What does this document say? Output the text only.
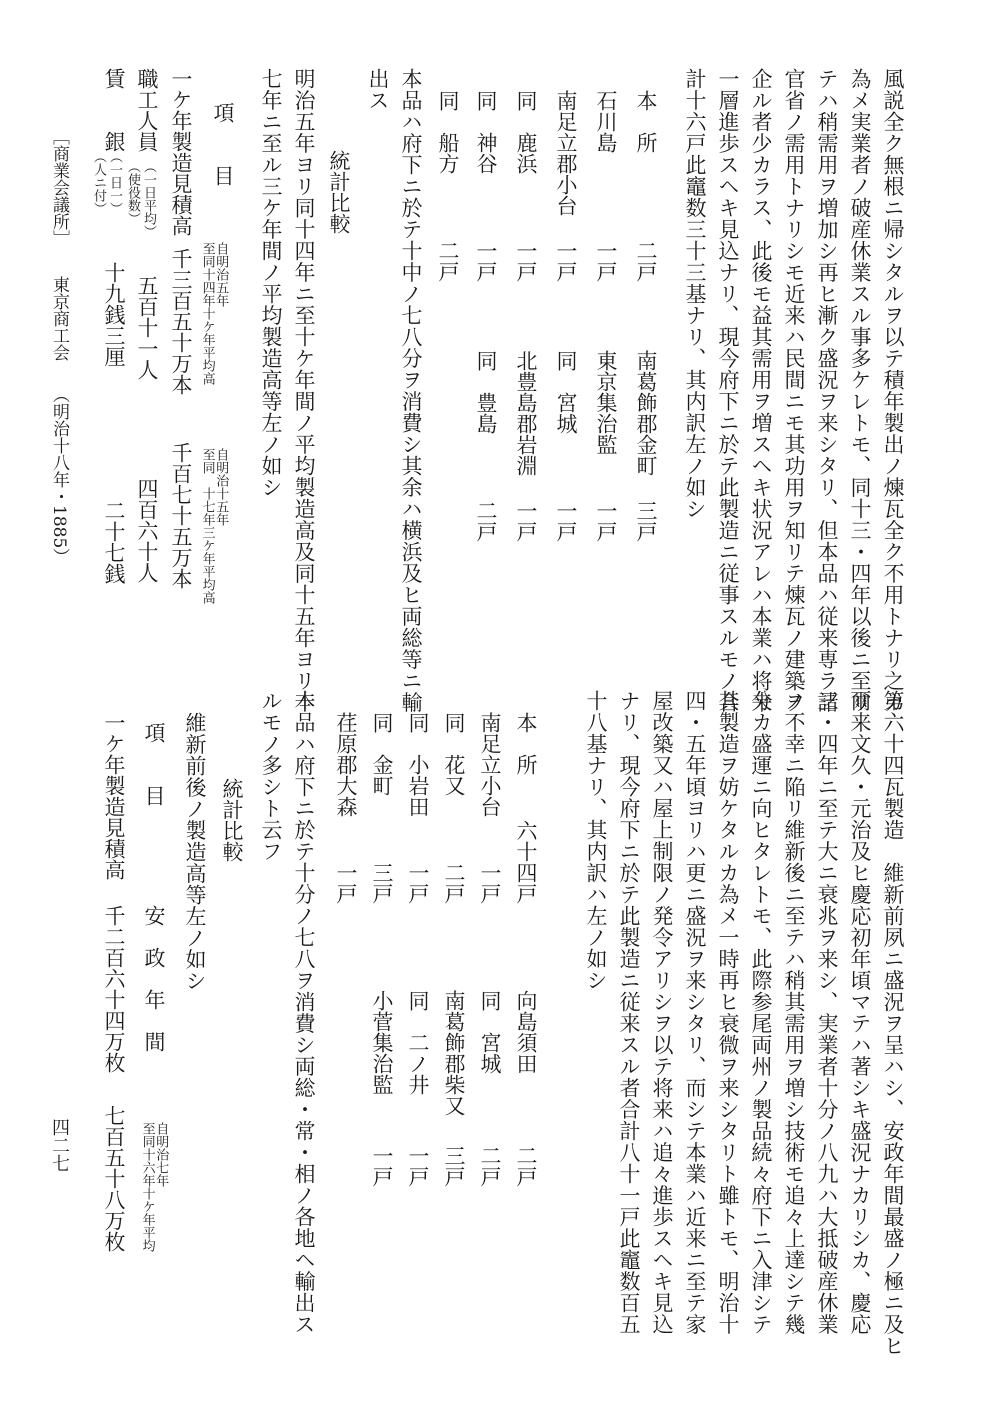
風説全ク無根ニ帰シタルヲ以テ積年製出ノ煉瓦全ク不用トナリ之カ
為メ実業者ノ破産休業スル事多ケレトモ、同十三・四年以後ニ至リ
テハ稍需用ヲ増加シ再ヒ漸ク盛況ヲ来シタリ、但本品ハ従来専ラ諸
官省ノ需用トナリシモ近来ハ民間ニモ其功用ヲ知リテ煉瓦ノ建築ヲ
企ル者少カラス、此後モ益其需用ヲ増スヘキ状況アレハ本業ハ将来
一層進歩スヘキ見込ナリ、現今府下ニ於テ此製造ニ従事スルモノ合
計十六戸此竈数三十三基ナリ、其内訳左ノ如シ
本　所
二戸
南葛飾郡金町
三戸
石川島
一戸
東京集治監
一戸
南足立郡小台
一戸
同　宮城
一戸
同　鹿浜
一戸
北豊島郡岩淵
一戸
同　神谷
一戸
同　豊島
二戸
同　船方
二戸
本品ハ府下ニ於テ十中ノ七八分ヲ消費シ其余ハ横浜及ヒ両総等ニ輸
出ス
統計比較
明治五年ヨリ同十四年ニ至十ケ年間ノ平均製造高及同十五年ヨリ十
七年ニ至ル三ケ年間ノ平均製造高等左ノ如シ
項　　目
自明治五年
至同十四年十ケ年平均高
自明治十五年
至同　十七年三ケ年平均高
一ケ年製造見積高
千三百五十万本
千百七十五万本
職工人員
（一日平均）
（使役数）
五百十一人
四百六十人
賃　　銀
（一日一）
（人ニ付）
十九銭三厘
二十七銭
［商業会議所］
東京商工会
（明治十八年・1885）
第六十四瓦製造　維新前夙ニ盛況ヲ呈ハシ、安政年間最盛ノ極ニ及ヒ
爾来文久・元治及ヒ慶応初年頃マテハ著シキ盛況ナカリシカ、慶応
三・四年ニ至テ大ニ衰兆ヲ来シ、実業者十分ノ八九ハ大抵破産休業
ノ不幸ニ陥リ維新後ニ至テハ稍其需用ヲ増シ技術モ追々上達シテ幾
分カ盛運ニ向ヒタレトモ、此際参尾両州ノ製品続々府下ニ入津シテ
其製造ヲ妨ケタルカ為メ一時再ヒ衰微ヲ来シタリト雖トモ、明治十
四・五年頃ヨリハ更ニ盛況ヲ来シタリ、而シテ本業ハ近来ニ至テ家
屋改築又ハ屋上制限ノ発令アリシヲ以テ将来ハ追々進歩スヘキ見込
ナリ、現今府下ニ於テ此製造ニ従来スル者合計八十一戸此竈数百五
十八基ナリ、其内訳ハ左ノ如シ
本　所
六十四戸
向島須田
二戸
南足立小台
一戸
同　宮城
二戸
同　花又
二戸
南葛飾郡柴又
三戸
同　小岩田
一戸
同　二ノ井
一戸
同　金町
三戸
小菅集治監
一戸
荏原郡大森
一戸
本品ハ府下ニ於テ十分ノ七八ヲ消費シ両総・常・相ノ各地ヘ輸出ス
ルモノ多シト云フ
統計比較
維新前後ノ製造高等左ノ如シ
項　　目
安　政　年　間
自明治七年
至同十六年十ケ年平均
一ケ年製造見積高
千二百六十四万枚
七百五十八万枚
四二七
